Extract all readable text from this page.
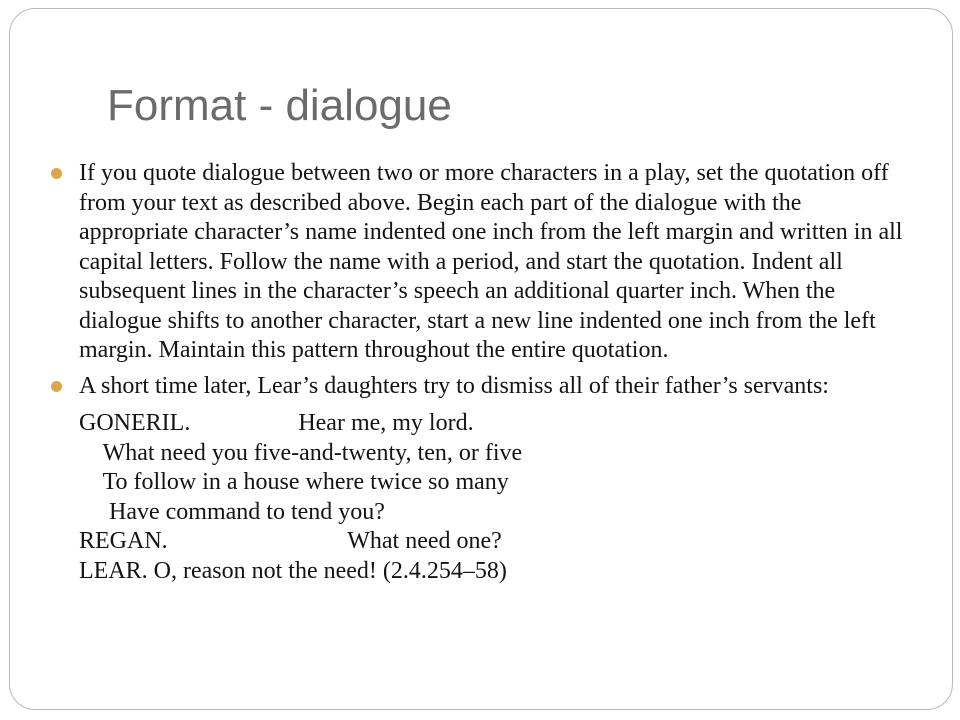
Format - dialogue

If you quote dialogue between two or more characters in a play, set the quotation off from your text as described above. Begin each part of the dialogue with the appropriate character’s name indented one inch from the left margin and written in all capital letters. Follow the name with a period, and start the quotation. Indent all subsequent lines in the character’s speech an additional quarter inch. When the dialogue shifts to another character, start a new line indented one inch from the left margin. Maintain this pattern throughout the entire quotation.

A short time later, Lear’s daughters try to dismiss all of their father’s servants:

GONERIL.                  Hear me, my lord.
What need you five-and-twenty, ten, or five
To follow in a house where twice so many
Have command to tend you?
REGAN.                              What need one?
LEAR. O, reason not the need! (2.4.254–58)
